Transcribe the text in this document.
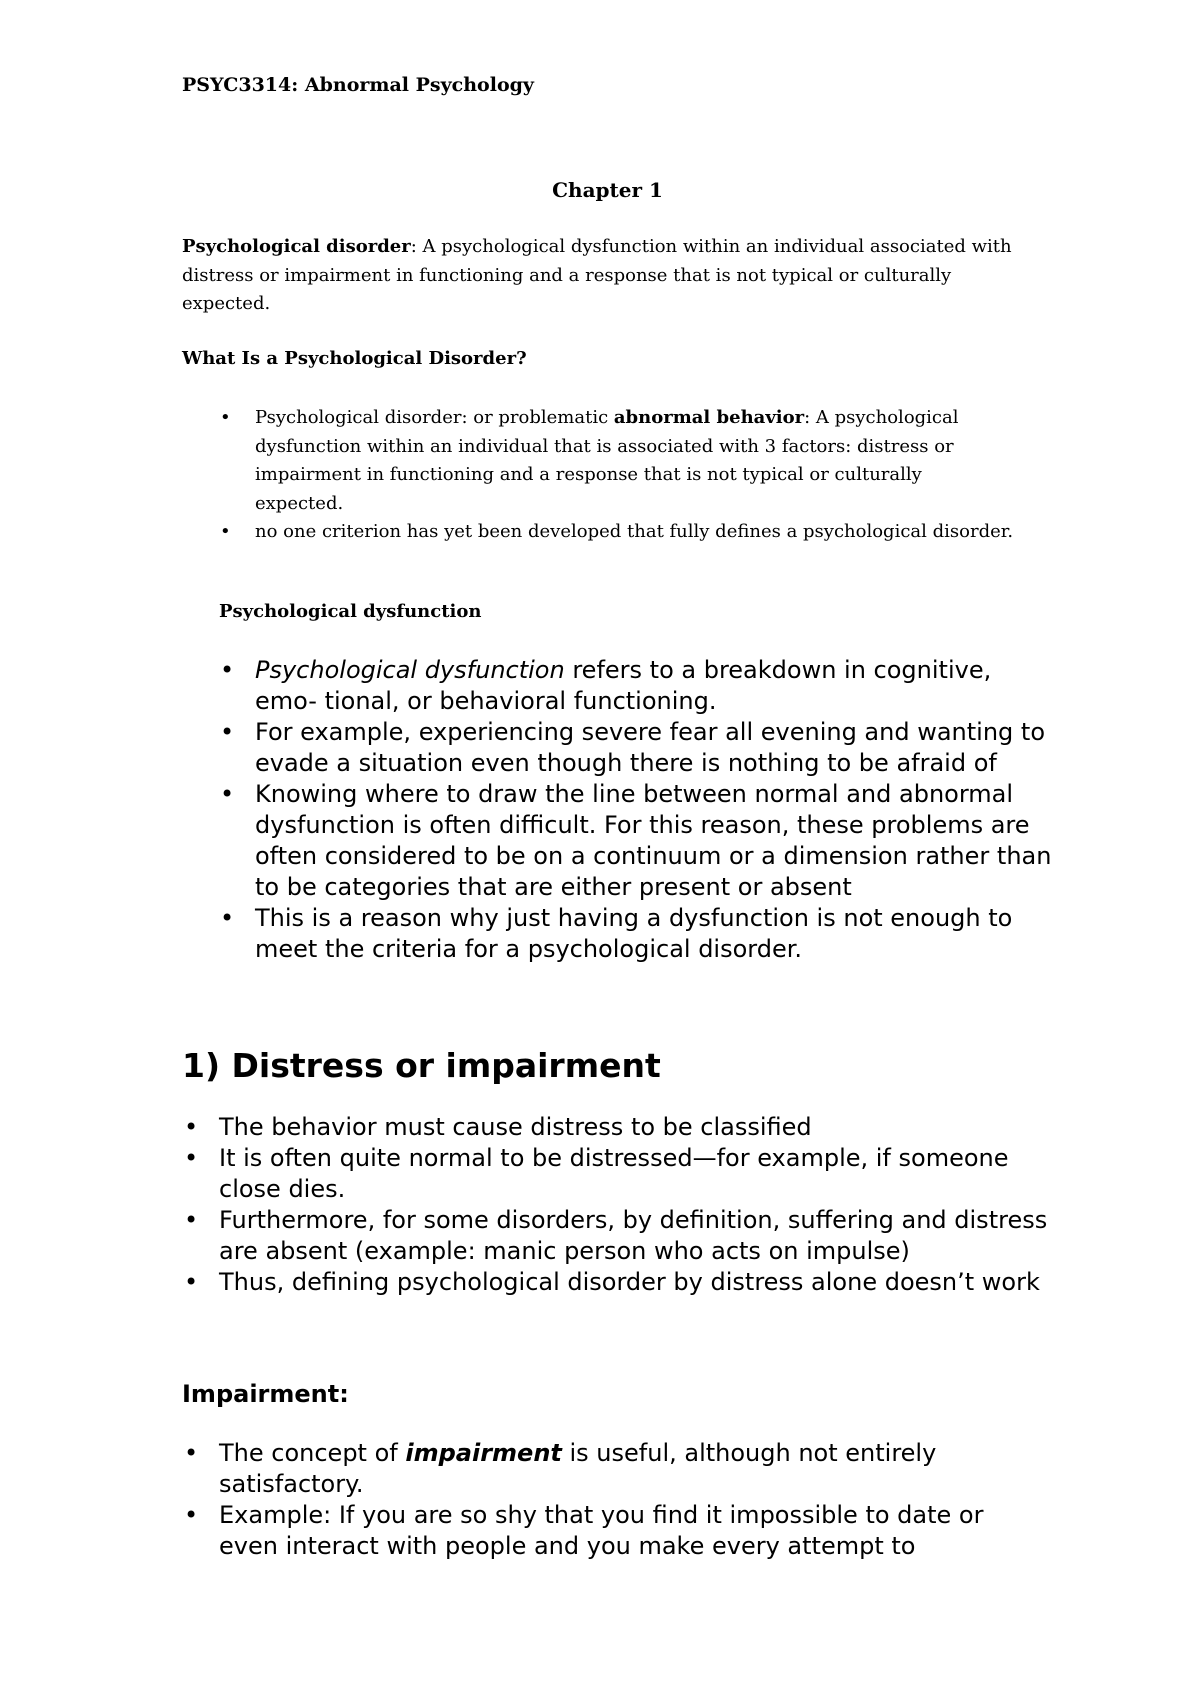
PSYC3314: Abnormal Psychology
Chapter 1
Psychological disorder: A psychological dysfunction within an individual associated with distress or impairment in functioning and a response that is not typical or culturally expected.
What Is a Psychological Disorder?
• Psychological disorder: or problematic abnormal behavior: A psychological dysfunction within an individual that is associated with 3 factors: distress or impairment in functioning and a response that is not typical or culturally expected.
• no one criterion has yet been developed that fully defines a psychological disorder.
Psychological dysfunction
• Psychological dysfunction refers to a breakdown in cognitive, emo- tional, or behavioral functioning.
• For example, experiencing severe fear all evening and wanting to evade a situation even though there is nothing to be afraid of
• Knowing where to draw the line between normal and abnormal dysfunction is often difficult. For this reason, these problems are often considered to be on a continuum or a dimension rather than to be categories that are either present or absent
• This is a reason why just having a dysfunction is not enough to meet the criteria for a psychological disorder.
1) Distress or impairment
• The behavior must cause distress to be classified
• It is often quite normal to be distressed—for example, if someone close dies.
• Furthermore, for some disorders, by definition, suffering and distress are absent (example: manic person who acts on impulse)
• Thus, defining psychological disorder by distress alone doesn’t work
Impairment:
• The concept of impairment is useful, although not entirely satisfactory.
• Example: If you are so shy that you find it impossible to date or even interact with people and you make every attempt to
